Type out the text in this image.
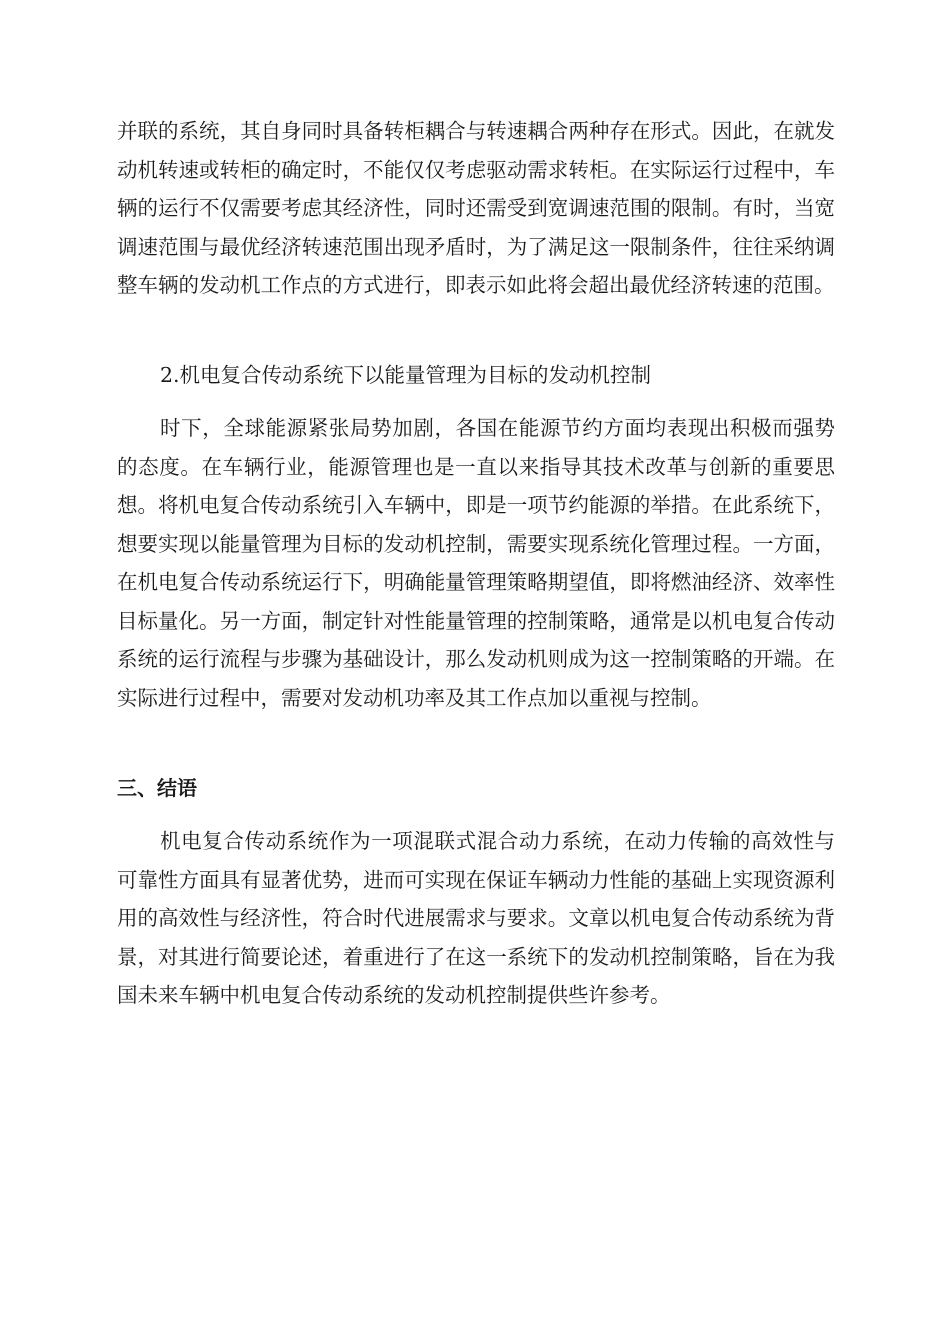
并联的系统，其自身同时具备转柜耦合与转速耦合两种存在形式。因此，在就发动机转速或转柜的确定时，不能仅仅考虑驱动需求转柜。在实际运行过程中，车辆的运行不仅需要考虑其经济性，同时还需受到宽调速范围的限制。有时，当宽调速范围与最优经济转速范围出现矛盾时，为了满足这一限制条件，往往采纳调整车辆的发动机工作点的方式进行，即表示如此将会超出最优经济转速的范围。

2.机电复合传动系统下以能量管理为目标的发动机控制

时下，全球能源紧张局势加剧，各国在能源节约方面均表现出积极而强势的态度。在车辆行业，能源管理也是一直以来指导其技术改革与创新的重要思想。将机电复合传动系统引入车辆中，即是一项节约能源的举措。在此系统下，想要实现以能量管理为目标的发动机控制，需要实现系统化管理过程。一方面，在机电复合传动系统运行下，明确能量管理策略期望值，即将燃油经济、效率性目标量化。另一方面，制定针对性能量管理的控制策略，通常是以机电复合传动系统的运行流程与步骤为基础设计，那么发动机则成为这一控制策略的开端。在实际进行过程中，需要对发动机功率及其工作点加以重视与控制。

三、结语

机电复合传动系统作为一项混联式混合动力系统，在动力传输的高效性与可靠性方面具有显著优势，进而可实现在保证车辆动力性能的基础上实现资源利用的高效性与经济性，符合时代进展需求与要求。文章以机电复合传动系统为背景，对其进行简要论述，着重进行了在这一系统下的发动机控制策略，旨在为我国未来车辆中机电复合传动系统的发动机控制提供些许参考。
